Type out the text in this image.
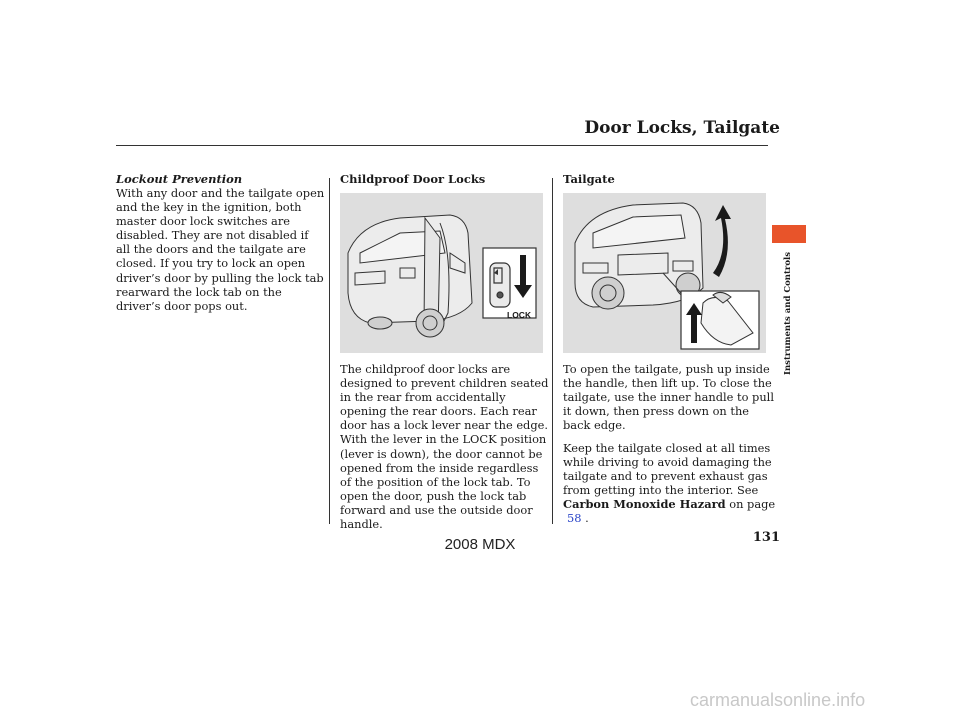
Door Locks, Tailgate
Lockout Prevention

With any door and the tailgate open and the key in the ignition, both master door lock switches are disabled. They are not disabled if all the doors and the tailgate are closed. If you try to lock an open driver’s door by pulling the lock tab rearward the lock tab on the driver’s door pops out.

Childproof Door Locks
LOCK

The childproof door locks are designed to prevent children seated in the rear from accidentally opening the rear doors. Each rear door has a lock lever near the edge. With the lever in the LOCK position (lever is down), the door cannot be opened from the inside regardless of the position of the lock tab. To open the door, push the lock tab forward and use the outside door handle.

Tailgate

To open the tailgate, push up inside the handle, then lift up. To close the tailgate, use the inner handle to pull it down, then press down on the back edge.

Keep the tailgate closed at all times while driving to avoid damaging the tailgate and to prevent exhaust gas from getting into the interior. See Carbon Monoxide Hazard on page
58 .

Instruments and Controls
131
2008 MDX
carmanualsonline.info
